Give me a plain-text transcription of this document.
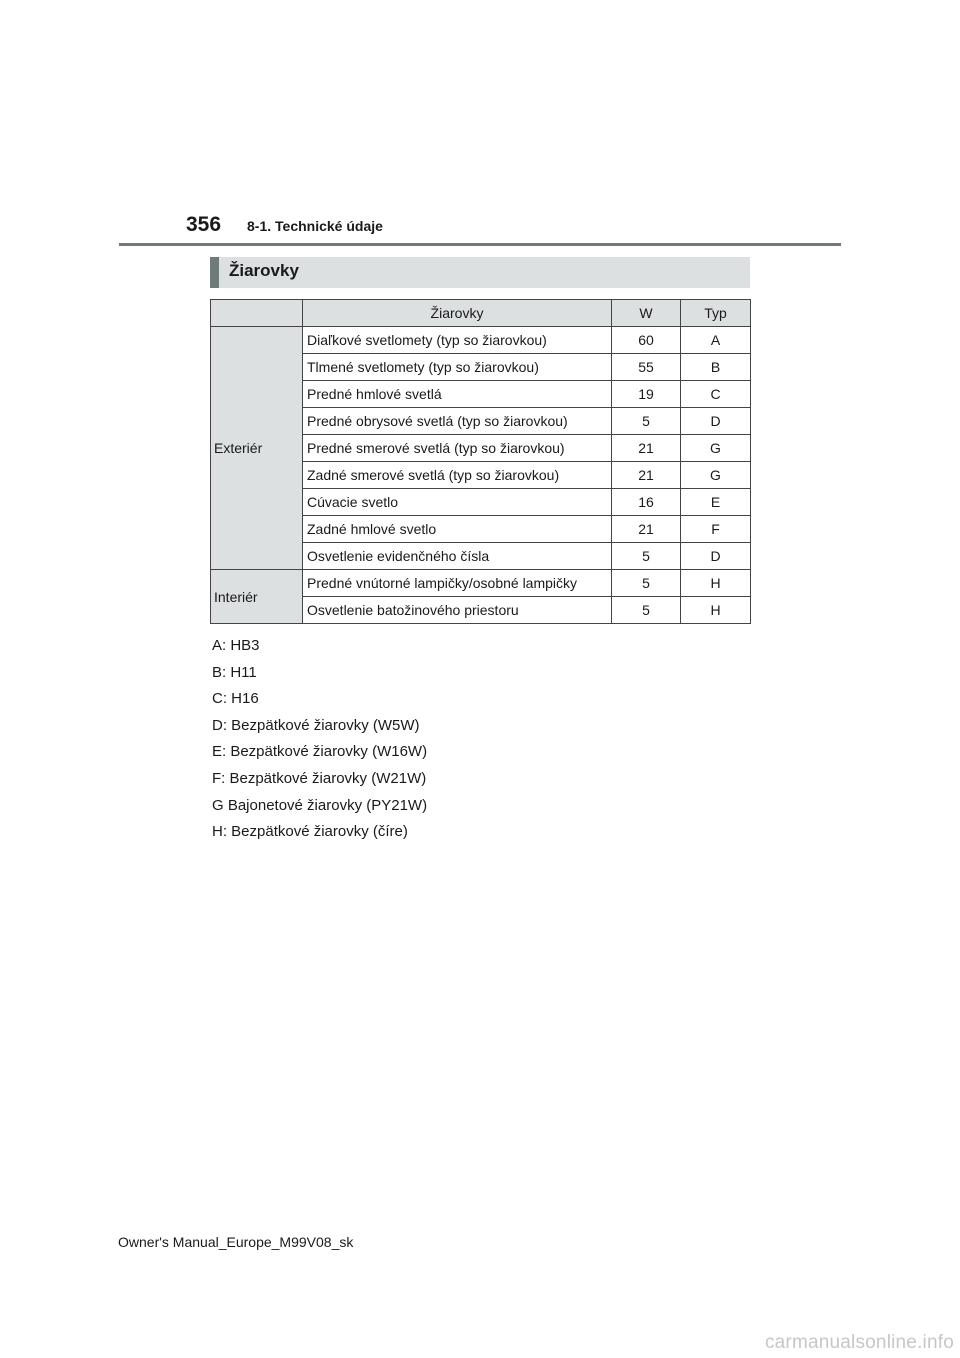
356 8-1. Technické údaje
Žiarovky
	Žiarovky	W	Typ
Exteriér	Diaľkové svetlomety (typ so žiarovkou)	60	A
	Tlmené svetlomety (typ so žiarovkou)	55	B
	Predné hmlové svetlá	19	C
	Predné obrysové svetlá (typ so žiarovkou)	5	D
	Predné smerové svetlá (typ so žiarovkou)	21	G
	Zadné smerové svetlá (typ so žiarovkou)	21	G
	Cúvacie svetlo	16	E
	Zadné hmlové svetlo	21	F
	Osvetlenie evidenčného čísla	5	D
Interiér	Predné vnútorné lampičky/osobné lampičky	5	H
	Osvetlenie batožinového priestoru	5	H
A: HB3
B: H11
C: H16
D: Bezpätkové žiarovky (W5W)
E: Bezpätkové žiarovky (W16W)
F: Bezpätkové žiarovky (W21W)
G Bajonetové žiarovky (PY21W)
H: Bezpätkové žiarovky (číre)
Owner's Manual_Europe_M99V08_sk
carmanualsonline.info
